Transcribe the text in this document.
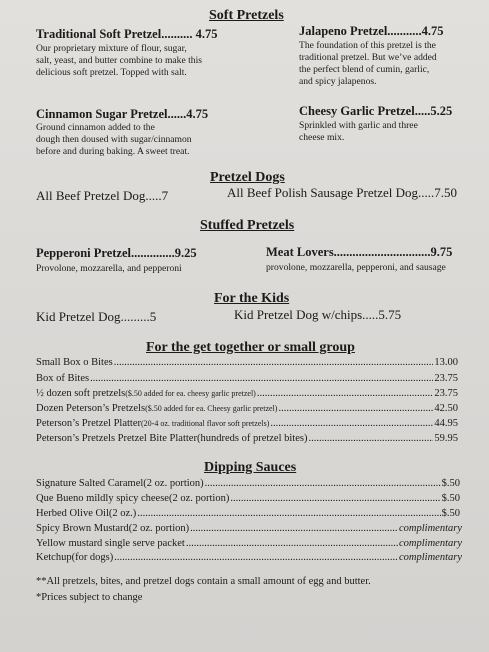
Soft Pretzels
Traditional Soft Pretzel.......... 4.75
Our proprietary mixture of flour, sugar,
salt, yeast, and butter combine to make this
delicious soft pretzel. Topped with salt.
Jalapeno Pretzel...........4.75
The foundation of this pretzel is the
traditional pretzel. But we’ve added
the perfect blend of cumin, garlic,
and spicy jalapenos.
Cinnamon Sugar Pretzel......4.75
Ground cinnamon added to the
dough then doused with sugar/cinnamon
before and during baking. A sweet treat.
Cheesy Garlic Pretzel.....5.25
Sprinkled with garlic and three
cheese mix.
Pretzel Dogs
All Beef Pretzel Dog.....7	All Beef Polish Sausage Pretzel Dog.....7.50
Stuffed Pretzels
Pepperoni Pretzel..............9.25
Provolone, mozzarella, and pepperoni
Meat Lovers...............................9.75
provolone, mozzarella, pepperoni, and sausage
For the Kids
Kid Pretzel Dog.........5	Kid Pretzel Dog w/chips.....5.75
For the get together or small group
Small Box o Bites .....	13.00
Box of Bites .....	23.75
½ dozen soft pretzels ($.50 added for ea. cheesy garlic pretzel) .....	23.75
Dozen Peterson’s Pretzels ($.50 added for ea. Cheesy garlic pretzel) .....	42.50
Peterson’s Pretzel Platter (20-4 oz. traditional flavor soft pretzels) .....	44.95
Peterson’s Pretzels Pretzel Bite Platter(hundreds of pretzel bites) .....	59.95
Dipping Sauces
Signature Salted Caramel(2 oz. portion) .....	$.50
Que Bueno mildly spicy cheese(2 oz. portion) .....	$.50
Herbed Olive Oil(2 oz.) .....	$.50
Spicy Brown Mustard(2 oz. portion) .....	complimentary
Yellow mustard single serve packet .....	complimentary
Ketchup(for dogs) .....	complimentary
**All pretzels, bites, and pretzel dogs contain a small amount of egg and butter.
*Prices subject to change
